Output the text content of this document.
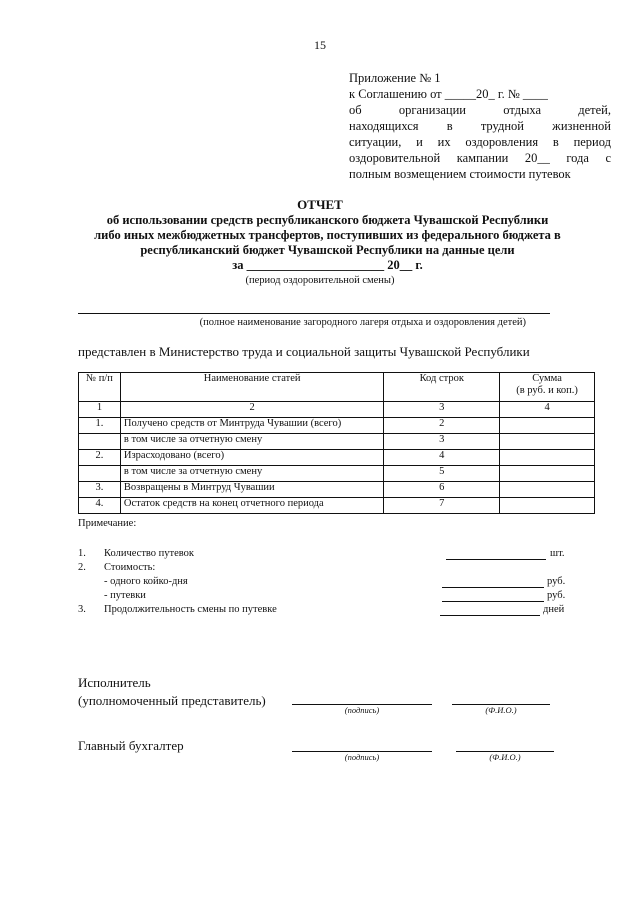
15
Приложение № 1
к Соглашению от _____20_ г. № ____
об организации отдыха детей,
находящихся в трудной жизненной
ситуации, и их оздоровления в период
оздоровительной кампании 20__ года с
полным возмещением стоимости путевок
ОТЧЕТ
об использовании средств республиканского бюджета Чувашской Республики
либо иных межбюджетных трансфертов, поступивших из федерального бюджета в
республиканский бюджет Чувашской Республики на данные цели
за ______________________ 20__ г.
(период оздоровительной смены)
(полное наименование загородного лагеря отдыха и оздоровления детей)
представлен в Министерство труда и социальной защиты Чувашской Республики
№ п/п	Наименование статей	Код строк	Сумма
(в руб. и коп.)

1	2	3	4
1.	Получено средств от Минтруда Чувашии (всего)	2	
	в том числе за отчетную смену	3	
2.	Израсходовано (всего)	4	
	в том числе за отчетную смену	5	
3.	Возвращены в Минтруд Чувашии	6	
4.	Остаток средств на конец отчетного периода	7	
Примечание:
1. Количество путевок	шт.
2. Стоимость:
- одного койко-дня	руб.
- путевки	руб.
3. Продолжительность смены по путевке	дней
Исполнитель
(уполномоченный представитель)
(подпись)	(Ф.И.О.)
Главный бухгалтер
(подпись)	(Ф.И.О.)
